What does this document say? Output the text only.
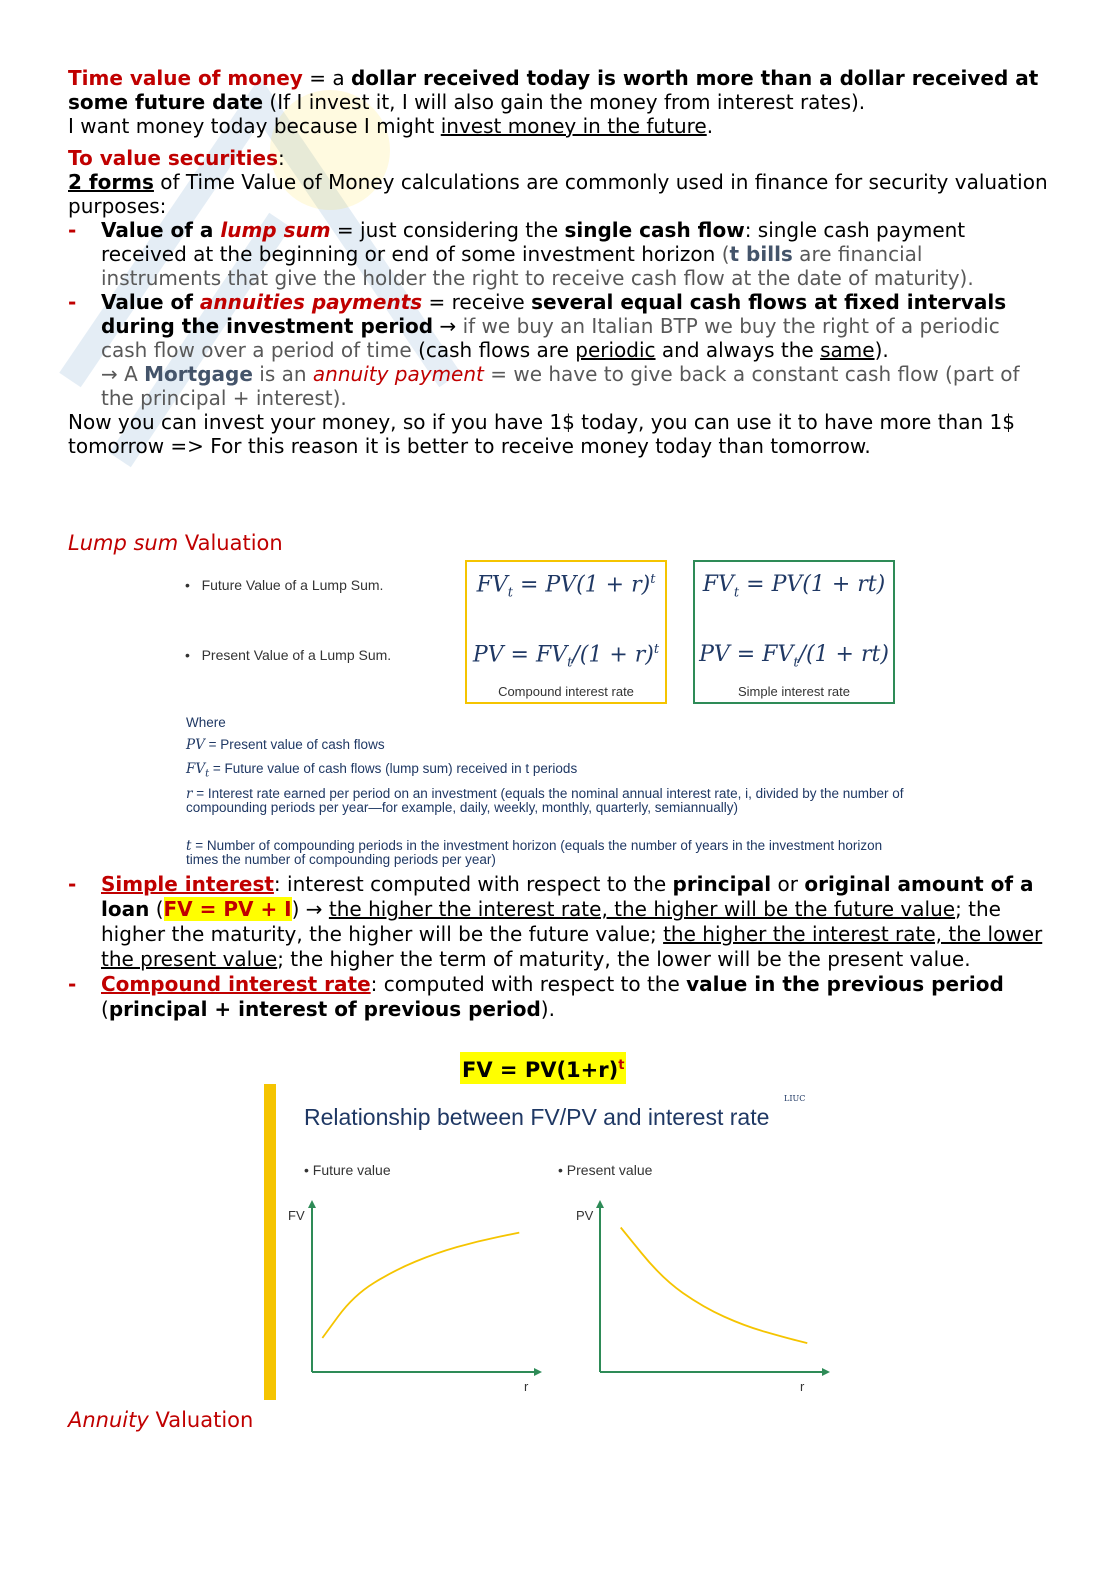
Time value of money = a dollar received today is worth more than a dollar received at some future date (If I invest it, I will also gain the money from interest rates).
I want money today because I might invest money in the future.

To value securities:

2 forms of Time Value of Money calculations are commonly used in finance for security valuation purposes:

- Value of a lump sum = just considering the single cash flow: single cash payment received at the beginning or end of some investment horizon (t bills are financial instruments that give the holder the right to receive cash flow at the date of maturity).
- Value of annuities payments = receive several equal cash flows at fixed intervals during the investment period → if we buy an Italian BTP we buy the right of a periodic cash flow over a period of time (cash flows are periodic and always the same).
→ A Mortgage is an annuity payment = we have to give back a constant cash flow (part of the principal + interest).

Now you can invest your money, so if you have 1$ today, you can use it to have more than 1$ tomorrow => For this reason it is better to receive money today than tomorrow.

Lump sum Valuation
•   Future Value of a Lump Sum.
•   Present Value of a Lump Sum.
$FV_t = PV(1 + r)^t$
PV = $FV_t/(1 + r)^t$
Compound interest rate
$FV_t = PV(1 + rt)$
PV = $FV_t/(1 + rt)$
Simple interest rate
Where
PV = Present value of cash flows
$FV_t$ = Future value of cash flows (lump sum) received in t periods
r = Interest rate earned per period on an investment (equals the nominal annual interest rate, i, divided by the number of compounding periods per year—for example, daily, weekly, monthly, quarterly, semiannually)
t = Number of compounding periods in the investment horizon (equals the number of years in the investment horizon times the number of compounding periods per year)
- Simple interest: interest computed with respect to the principal or original amount of a loan (FV = PV + I) → the higher the interest rate, the higher will be the future value; the higher the maturity, the higher will be the future value; the higher the interest rate, the lower the present value; the higher the term of maturity, the lower will be the present value.
- Compound interest rate: computed with respect to the value in the previous period (principal + interest of previous period).
FV = $PV(1+r)^t$
LIUC
Relationship between FV/PV and interest rate
• Future value	• Present value
FV	PV
r	r
Annuity Valuation
